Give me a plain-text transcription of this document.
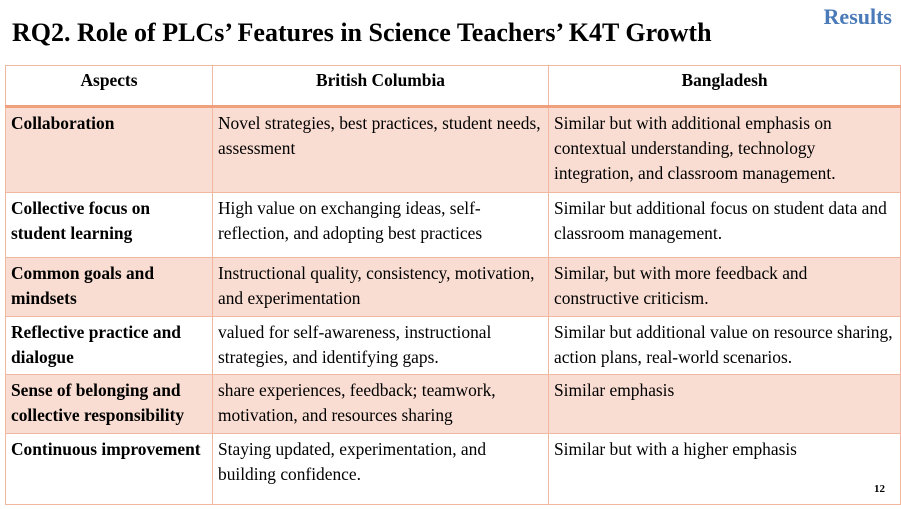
Results
RQ2. Role of PLCs’ Features in Science Teachers’ K4T Growth
Aspects	British Columbia	Bangladesh
Collaboration	Novel strategies, best practices, student needs, assessment	Similar but with additional emphasis on contextual understanding, technology integration, and classroom management.
Collective focus on student learning	High value on exchanging ideas, self-reflection, and adopting best practices	Similar but additional focus on student data and classroom management.
Common goals and mindsets	Instructional quality, consistency, motivation, and experimentation	Similar, but with more feedback and constructive criticism.
Reflective practice and dialogue	valued for self-awareness, instructional strategies, and identifying gaps.	Similar but additional value on resource sharing, action plans, real-world scenarios.
Sense of belonging and collective responsibility	share experiences, feedback; teamwork, motivation, and resources sharing	Similar emphasis
Continuous improvement	Staying updated, experimentation, and building confidence.	Similar but with a higher emphasis
12
